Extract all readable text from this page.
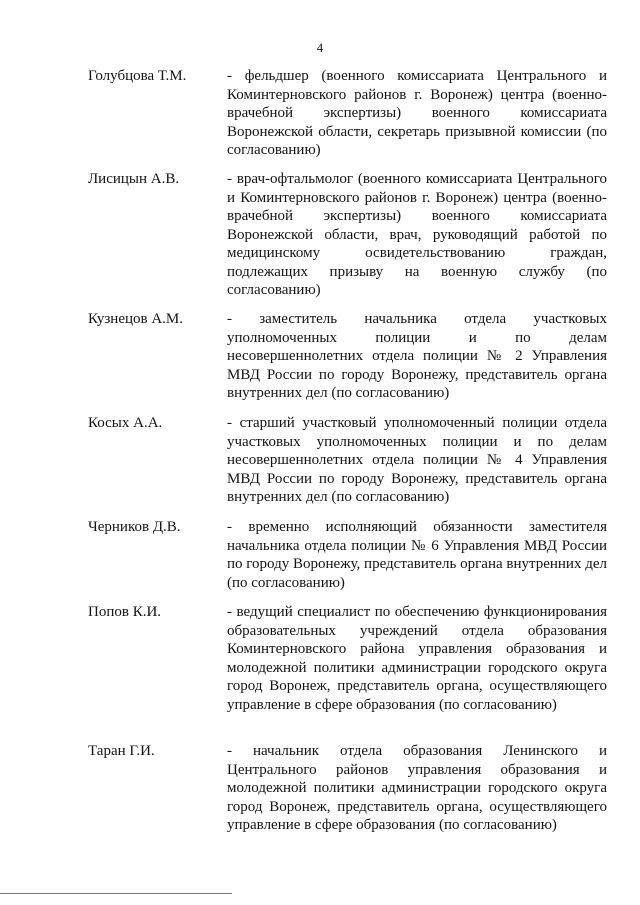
4
Голубцова Т.М.	- фельдшер (военного комиссариата Центрального и Коминтерновского районов г. Воронеж) центра (военно-врачебной экспертизы) военного комиссариата Воронежской области, секретарь призывной комиссии (по согласованию)
Лисицын А.В.	- врач-офтальмолог (военного комиссариата Центрального и Коминтерновского районов г. Воронеж) центра (военно-врачебной экспертизы) военного комиссариата Воронежской области, врач, руководящий работой по медицинскому освидетельствованию граждан, подлежащих призыву на военную службу (по согласованию)
Кузнецов А.М.	- заместитель начальника отдела участковых уполномоченных полиции и по делам несовершеннолетних отдела полиции № 2 Управления МВД России по городу Воронежу, представитель органа внутренних дел (по согласованию)
Косых А.А.	- старший участковый уполномоченный полиции отдела участковых уполномоченных полиции и по делам несовершеннолетних отдела полиции № 4 Управления МВД России по городу Воронежу, представитель органа внутренних дел (по согласованию)
Черников Д.В.	- временно исполняющий обязанности заместителя начальника отдела полиции № 6 Управления МВД России по городу Воронежу, представитель органа внутренних дел (по согласованию)
Попов К.И.	- ведущий специалист по обеспечению функционирования образовательных учреждений отдела образования Коминтерновского района управления образования и молодежной политики администрации городского округа город Воронеж, представитель органа, осуществляющего управление в сфере образования (по согласованию)
Таран Г.И.	- начальник отдела образования Ленинского и Центрального районов управления образования и молодежной политики администрации городского округа город Воронеж, представитель органа, осуществляющего управление в сфере образования (по согласованию)
